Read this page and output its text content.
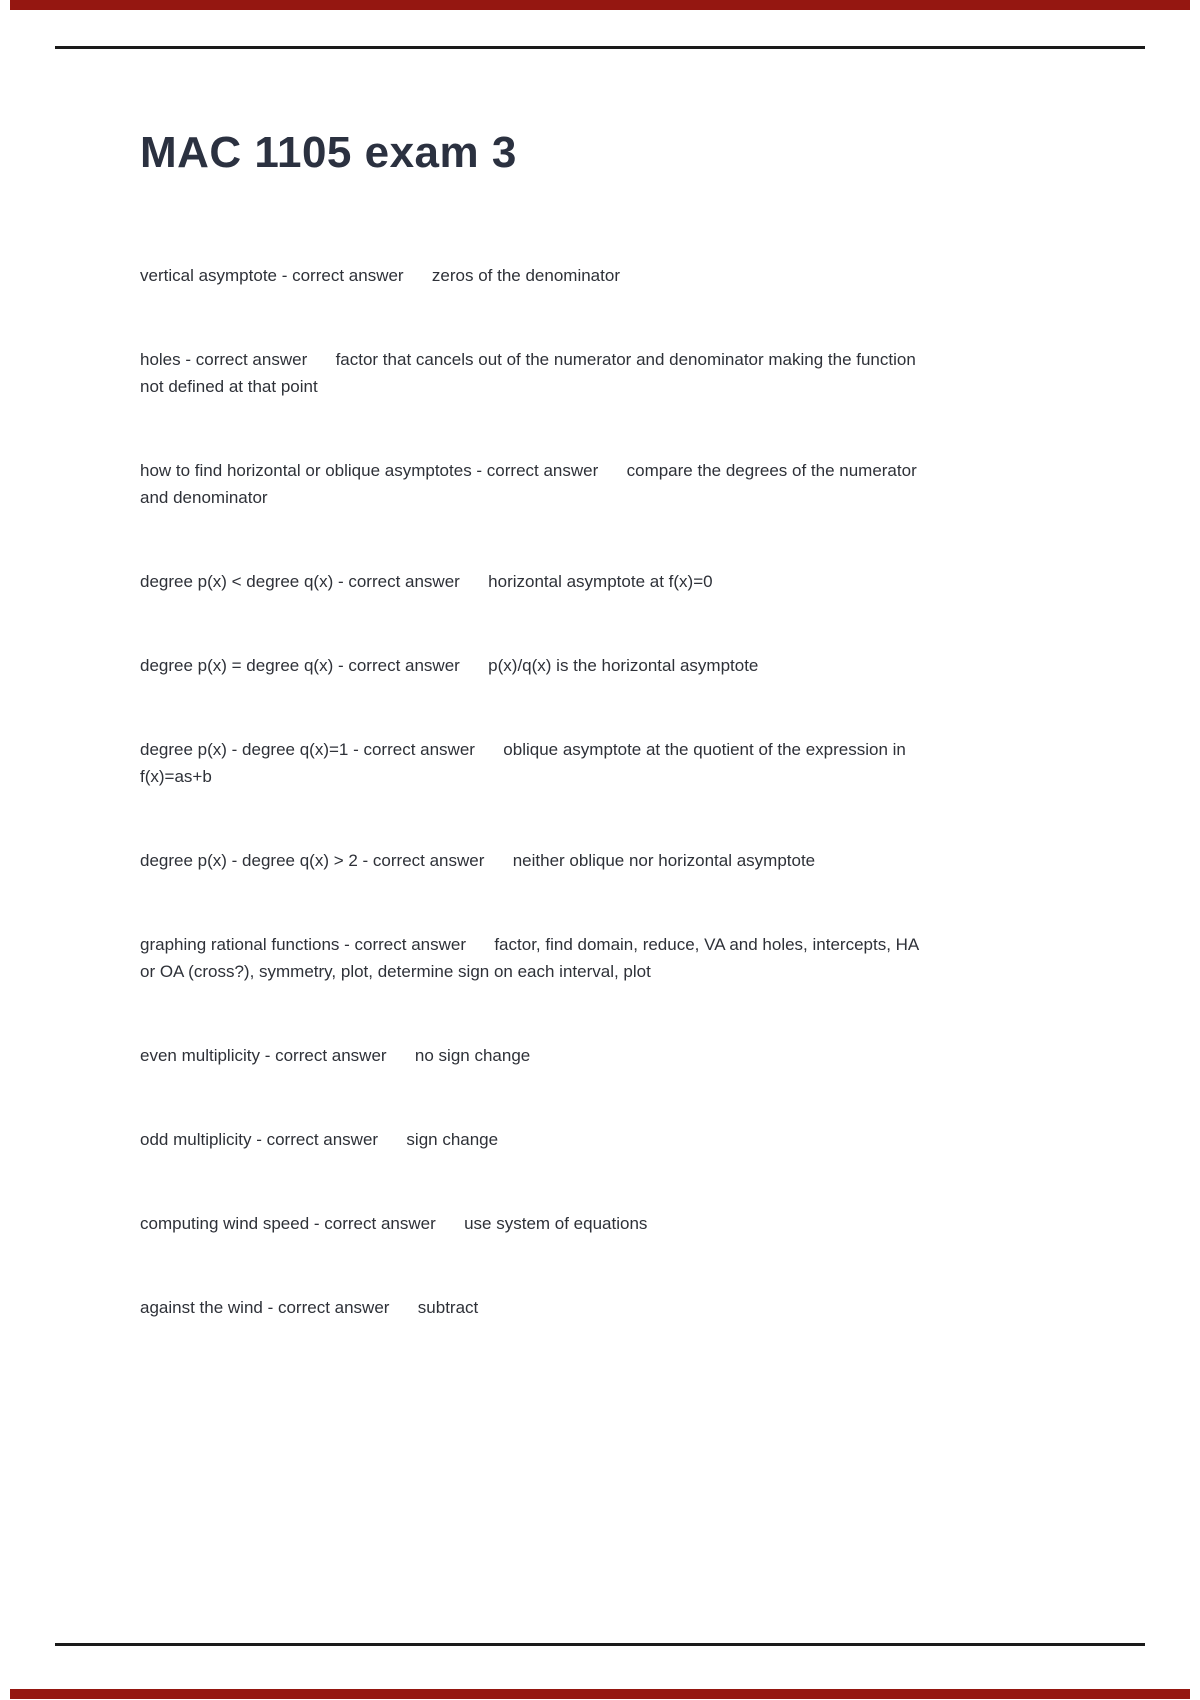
MAC 1105 exam 3
vertical asymptote - correct answer      zeros of the denominator
holes - correct answer      factor that cancels out of the numerator and denominator making the function
not defined at that point
how to find horizontal or oblique asymptotes - correct answer      compare the degrees of the numerator
and denominator
degree p(x) < degree q(x) - correct answer      horizontal asymptote at f(x)=0
degree p(x) = degree q(x) - correct answer      p(x)/q(x) is the horizontal asymptote
degree p(x) - degree q(x)=1 - correct answer      oblique asymptote at the quotient of the expression in
f(x)=as+b
degree p(x) - degree q(x) > 2 - correct answer      neither oblique nor horizontal asymptote
graphing rational functions - correct answer      factor, find domain, reduce, VA and holes, intercepts, HA
or OA (cross?), symmetry, plot, determine sign on each interval, plot
even multiplicity - correct answer      no sign change
odd multiplicity - correct answer      sign change
computing wind speed - correct answer      use system of equations
against the wind - correct answer      subtract
